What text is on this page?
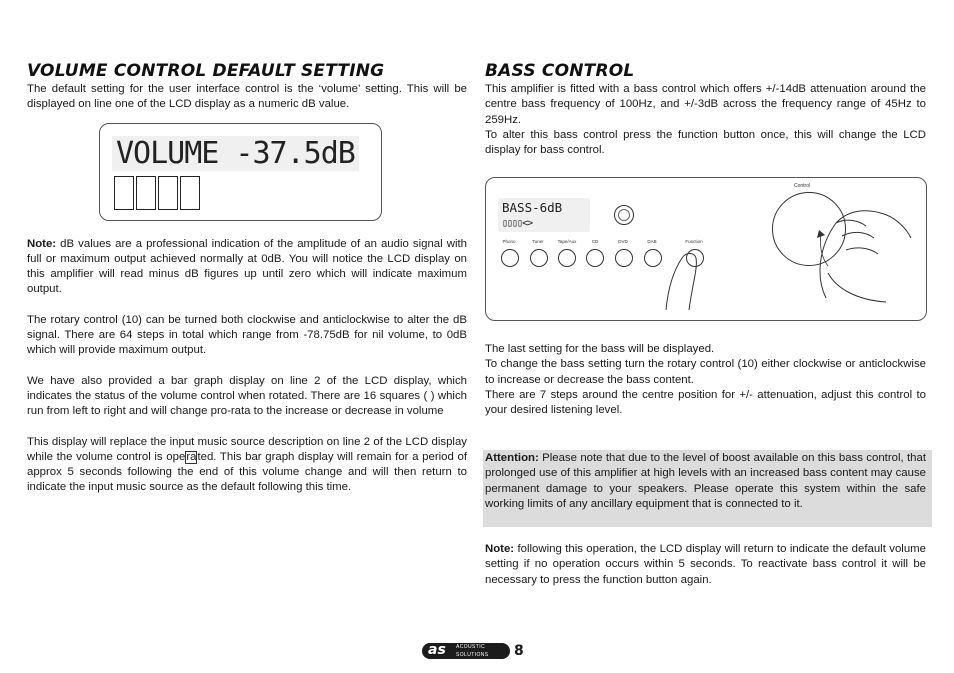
VOLUME CONTROL DEFAULT SETTING

The default setting for the user interface control is the ‘volume’ setting. This will be displayed on line one of the LCD display as a numeric dB value.

Note: dB values are a professional indication of the amplitude of an audio signal with full or maximum output achieved normally at 0dB. You will notice the LCD display on this amplifier will read minus dB figures up until zero which will indicate maximum output.

The rotary control (10) can be turned both clockwise and anticlockwise to alter the dB signal. There are 64 steps in total which range from -78.75dB for nil volume, to 0dB which will provide maximum output.

We have also provided a bar graph display on line 2 of the LCD display, which indicates the status of the volume control when rotated. There are 16 squares ( ) which run from left to right and will change pro-rata to the increase or decrease in volume

This display will replace the input music source description on line 2 of the LCD display while the volume control is operated. This bar graph display will remain for a period of approx 5 seconds following the end of this volume change and will then return to indicate the input music source as the default following this time.

VOLUME -37.5dB
BASS CONTROL

This amplifier is fitted with a bass control which offers +/-14dB attenuation around the centre bass frequency of 100Hz, and +/-3dB across the frequency range of 45Hz to 259Hz.

To alter this bass control press the function button once, this will change the LCD display for bass control.

BASS-6dB
▯▯▯▯<>
Phono	Tuner	Tape/Aux	CD	DVD	DAB	Function
Control

The last setting for the bass will be displayed.

To change the bass setting turn the rotary control (10) either clockwise or anticlockwise to increase or decrease the bass content.

There are 7 steps around the centre position for +/- attenuation, adjust this control to your desired listening level.

Attention: Please note that due to the level of boost available on this bass control, that prolonged use of this amplifier at high levels with an increased bass content may cause permanent damage to your speakers. Please operate this system within the safe working limits of any ancillary equipment that is connected to it.

Note: following this operation, the LCD display will return to indicate the default volume setting if no operation occurs within 5 seconds. To reactivate bass control it will be necessary to press the function button again.

as ACOUSTIC
SOLUTIONS 8
